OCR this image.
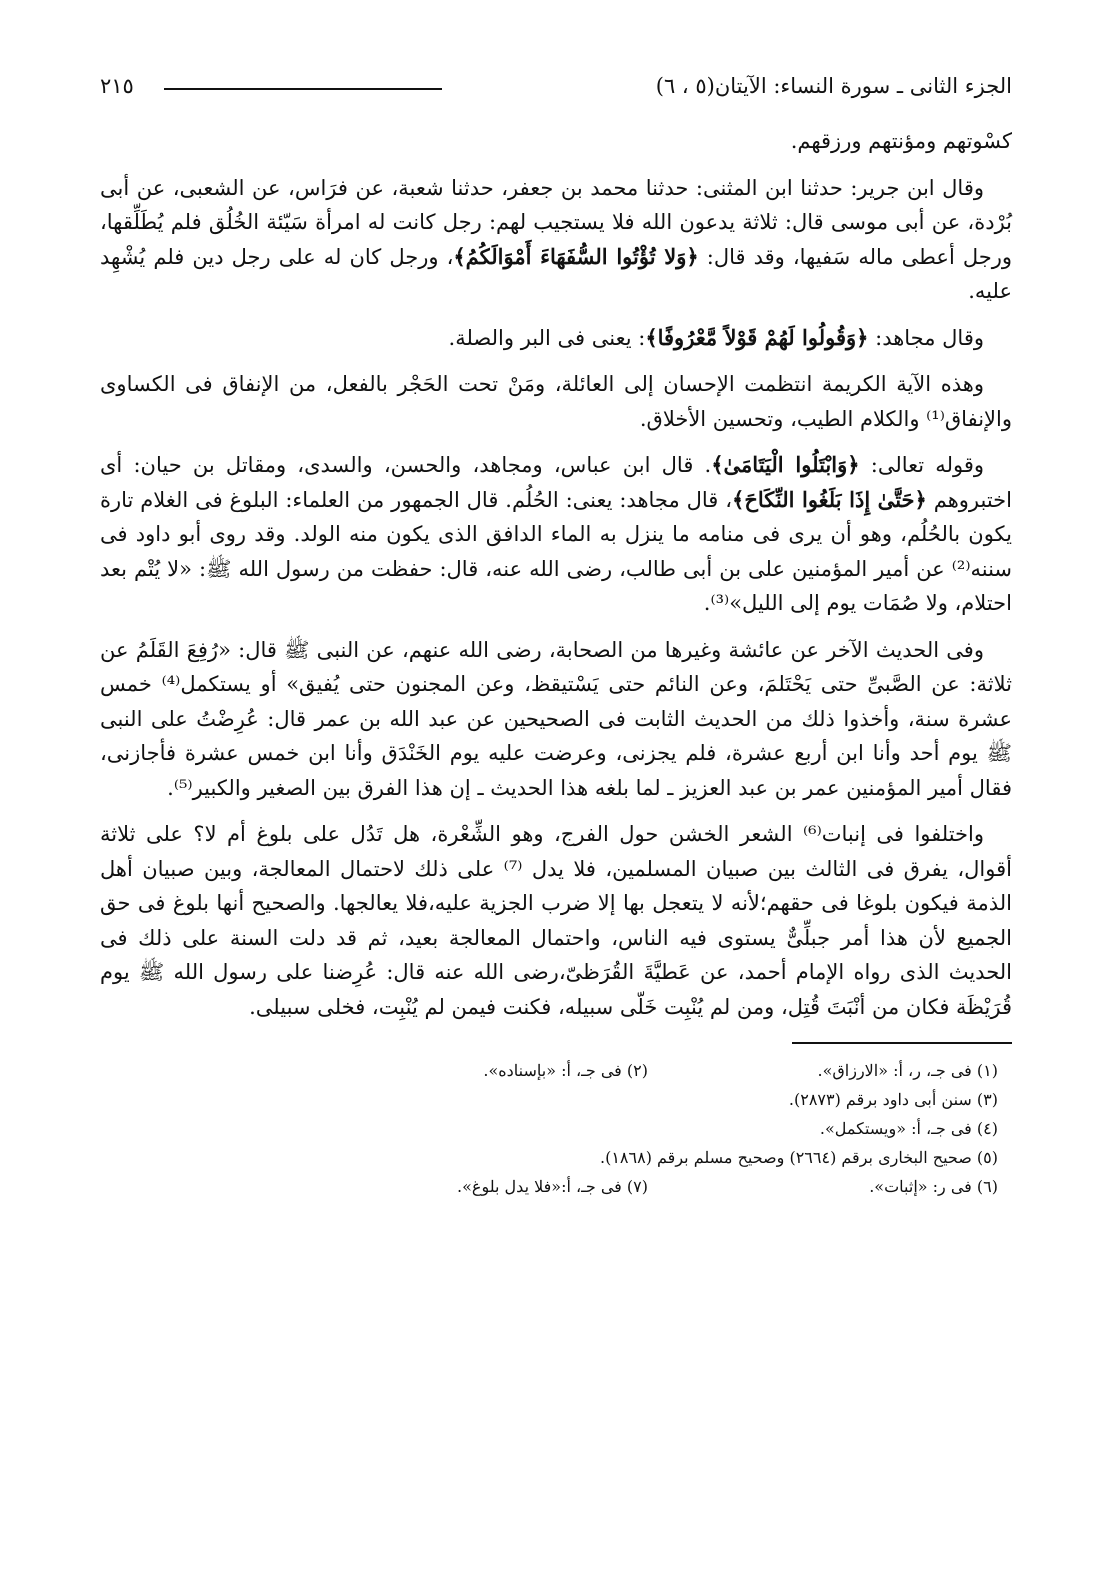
الجزء الثانى ـ سورة النساء: الآيتان(٥ ، ٦)
٢١٥

كسْوتهم ومؤنتهم ورزقهم.

وقال ابن جرير: حدثنا ابن المثنى: حدثنا محمد بن جعفر، حدثنا شعبة، عن فرَاس، عن الشعبى، عن أبى بُرْدة، عن أبى موسى قال: ثلاثة يدعون الله فلا يستجيب لهم: رجل كانت له امرأة سَيّئة الخُلُق فلم يُطَلِّقها، ورجل أعطى ماله سَفيها، وقد قال: ﴿وَلا تُؤْتُوا السُّفَهَاءَ أَمْوَالَكُمُ﴾، ورجل كان له على رجل دين فلم يُشْهِد عليه.

وقال مجاهد: ﴿وَقُولُوا لَهُمْ قَوْلاً مَّعْرُوفًا﴾: يعنى فى البر والصلة.

وهذه الآية الكريمة انتظمت الإحسان إلى العائلة، ومَنْ تحت الحَجْر بالفعل، من الإنفاق فى الكساوى والإنفاق⁽¹⁾ والكلام الطيب، وتحسين الأخلاق.

وقوله تعالى: ﴿وَابْتَلُوا الْيَتَامَىٰ﴾. قال ابن عباس، ومجاهد، والحسن، والسدى، ومقاتل بن حيان: أى اختبروهم ﴿حَتَّىٰ إِذَا بَلَغُوا النِّكَاحَ﴾، قال مجاهد: يعنى: الحُلُم. قال الجمهور من العلماء: البلوغ فى الغلام تارة يكون بالحُلُم، وهو أن يرى فى منامه ما ينزل به الماء الدافق الذى يكون منه الولد. وقد روى أبو داود فى سننه⁽²⁾ عن أمير المؤمنين على بن أبى طالب، رضى الله عنه، قال: حفظت من رسول الله ﷺ: «لا يُتْم بعد احتلام، ولا صُمَات يوم إلى الليل»⁽³⁾.

وفى الحديث الآخر عن عائشة وغيرها من الصحابة، رضى الله عنهم، عن النبى ﷺ قال: «رُفِعَ القَلَمُ عن ثلاثة: عن الصَّبىِّ حتى يَحْتَلمَ، وعن النائم حتى يَسْتيقظ، وعن المجنون حتى يُفيق» أو يستكمل⁽⁴⁾ خمس عشرة سنة، وأخذوا ذلك من الحديث الثابت فى الصحيحين عن عبد الله بن عمر قال: عُرِضْتُ على النبى ﷺ يوم أحد وأنا ابن أربع عشرة، فلم يجزنى، وعرضت عليه يوم الخَنْدَق وأنا ابن خمس عشرة فأجازنى، فقال أمير المؤمنين عمر بن عبد العزيز ـ لما بلغه هذا الحديث ـ إن هذا الفرق بين الصغير والكبير⁽⁵⁾.

واختلفوا فى إنبات⁽⁶⁾ الشعر الخشن حول الفرج، وهو الشِّعْرة، هل تَدُل على بلوغ أم لا؟ على ثلاثة أقوال، يفرق فى الثالث بين صبيان المسلمين، فلا يدل ⁽⁷⁾ على ذلك لاحتمال المعالجة، وبين صبيان أهل الذمة فيكون بلوغا فى حقهم؛لأنه لا يتعجل بها إلا ضرب الجزية عليه،فلا يعالجها. والصحيح أنها بلوغ فى حق الجميع لأن هذا أمر جبلِّىٌّ يستوى فيه الناس، واحتمال المعالجة بعيد، ثم قد دلت السنة على ذلك فى الحديث الذى رواه الإمام أحمد، عن عَطيَّةَ القُرَظىّ،رضى الله عنه قال: عُرِضنا على رسول الله ﷺ يوم قُرَيْظَة فكان من أنْبَتَ قُتِل، ومن لم يُنْبِت خَلّى سبيله، فكنت فيمن لم يُنْبِت، فخلى سبيلى.

(١) فى جـ، ر، أ: «الارزاق».
(٢) فى جـ، أ: «بإسناده».
(٣) سنن أبى داود برقم (٢٨٧٣).
(٤) فى جـ، أ: «ويستكمل».
(٥) صحيح البخارى برقم (٢٦٦٤) وصحيح مسلم برقم (١٨٦٨).
(٦) فى ر: «إثبات».
(٧) فى جـ، أ:«فلا يدل بلوغ».
